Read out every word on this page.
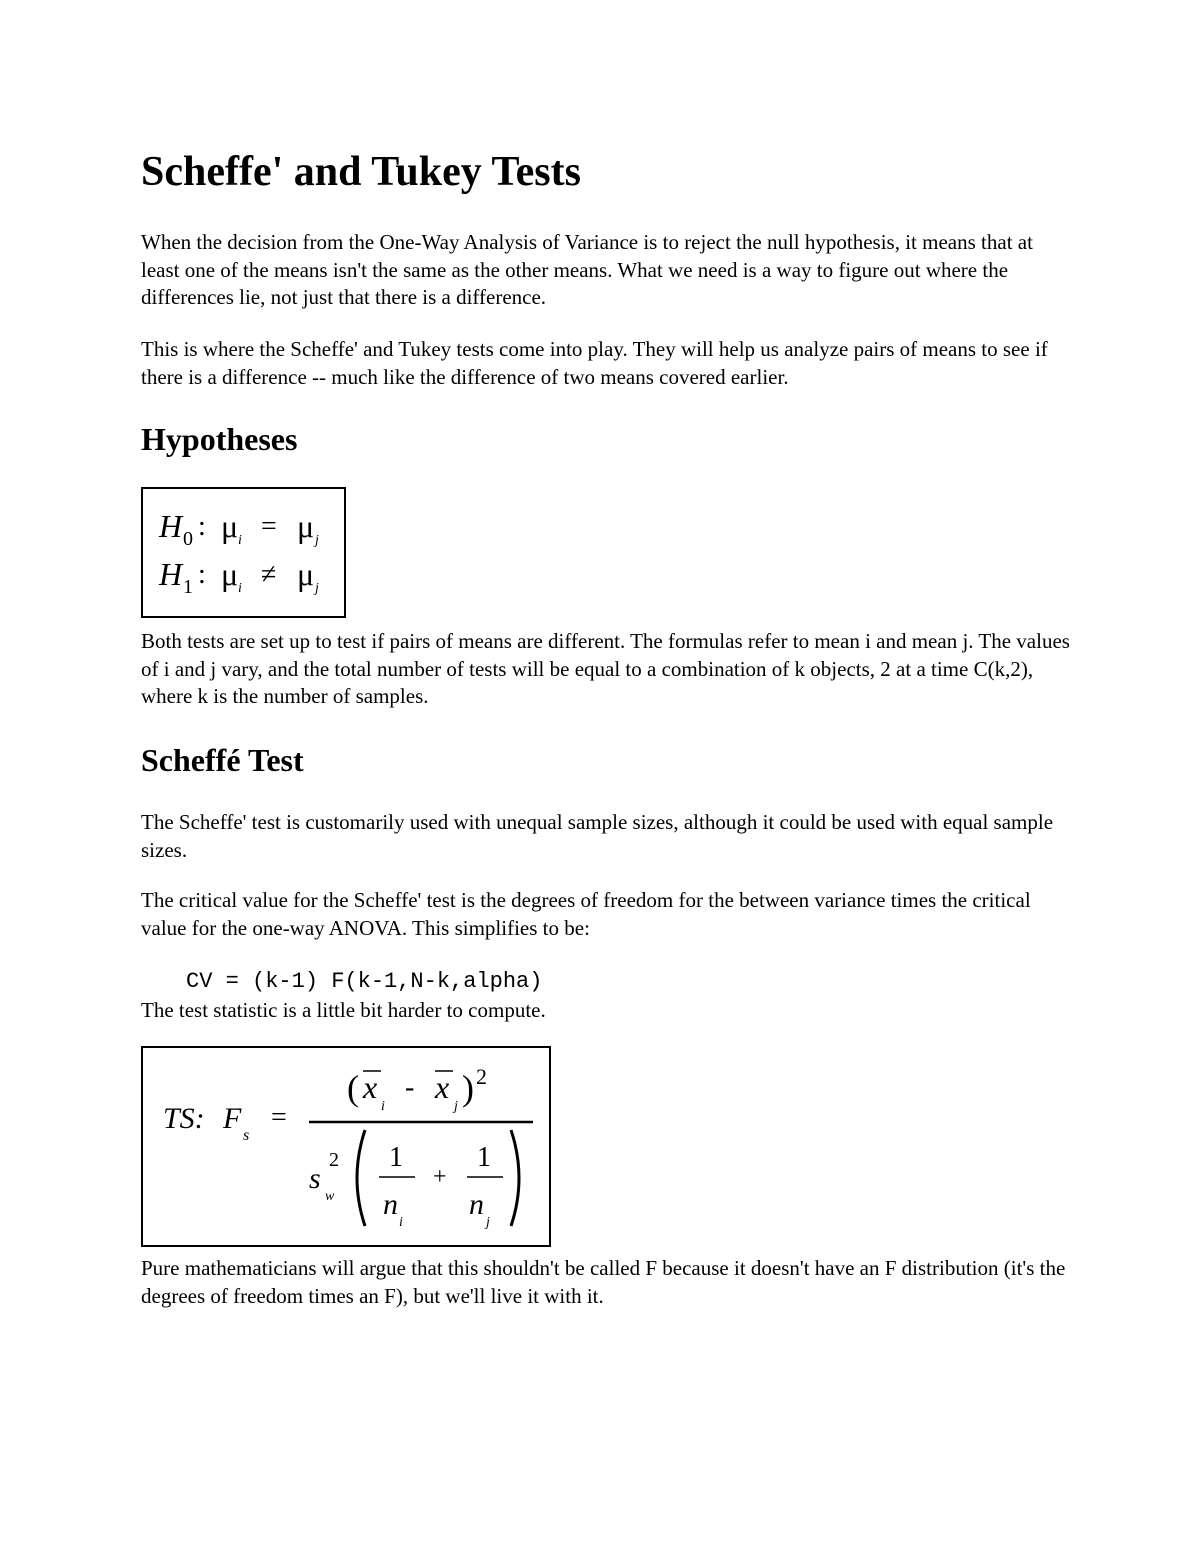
Scheffe' and Tukey Tests

When the decision from the One-Way Analysis of Variance is to reject the null hypothesis, it means that at least one of the means isn't the same as the other means. What we need is a way to figure out where the differences lie, not just that there is a difference.

This is where the Scheffe' and Tukey tests come into play. They will help us analyze pairs of means to see if there is a difference -- much like the difference of two means covered earlier.

Hypotheses
H 0 : μ i = μ j
H 1 : μ i ≠ μ j

Both tests are set up to test if pairs of means are different. The formulas refer to mean i and mean j. The values of i and j vary, and the total number of tests will be equal to a combination of k objects, 2 at a time C(k,2), where k is the number of samples.

Scheffé Test

The Scheffe' test is customarily used with unequal sample sizes, although it could be used with equal sample sizes.

The critical value for the Scheffe' test is the degrees of freedom for the between variance times the critical value for the one-way ANOVA. This simplifies to be:

CV = (k-1) F(k-1,N-k,alpha)

The test statistic is a little bit harder to compute.

TS: F
s
=
( x
i
- x
j ) 2
s
2
w
1
n
i
+
1
n
j

Pure mathematicians will argue that this shouldn't be called F because it doesn't have an F distribution (it's the degrees of freedom times an F), but we'll live it with it.
